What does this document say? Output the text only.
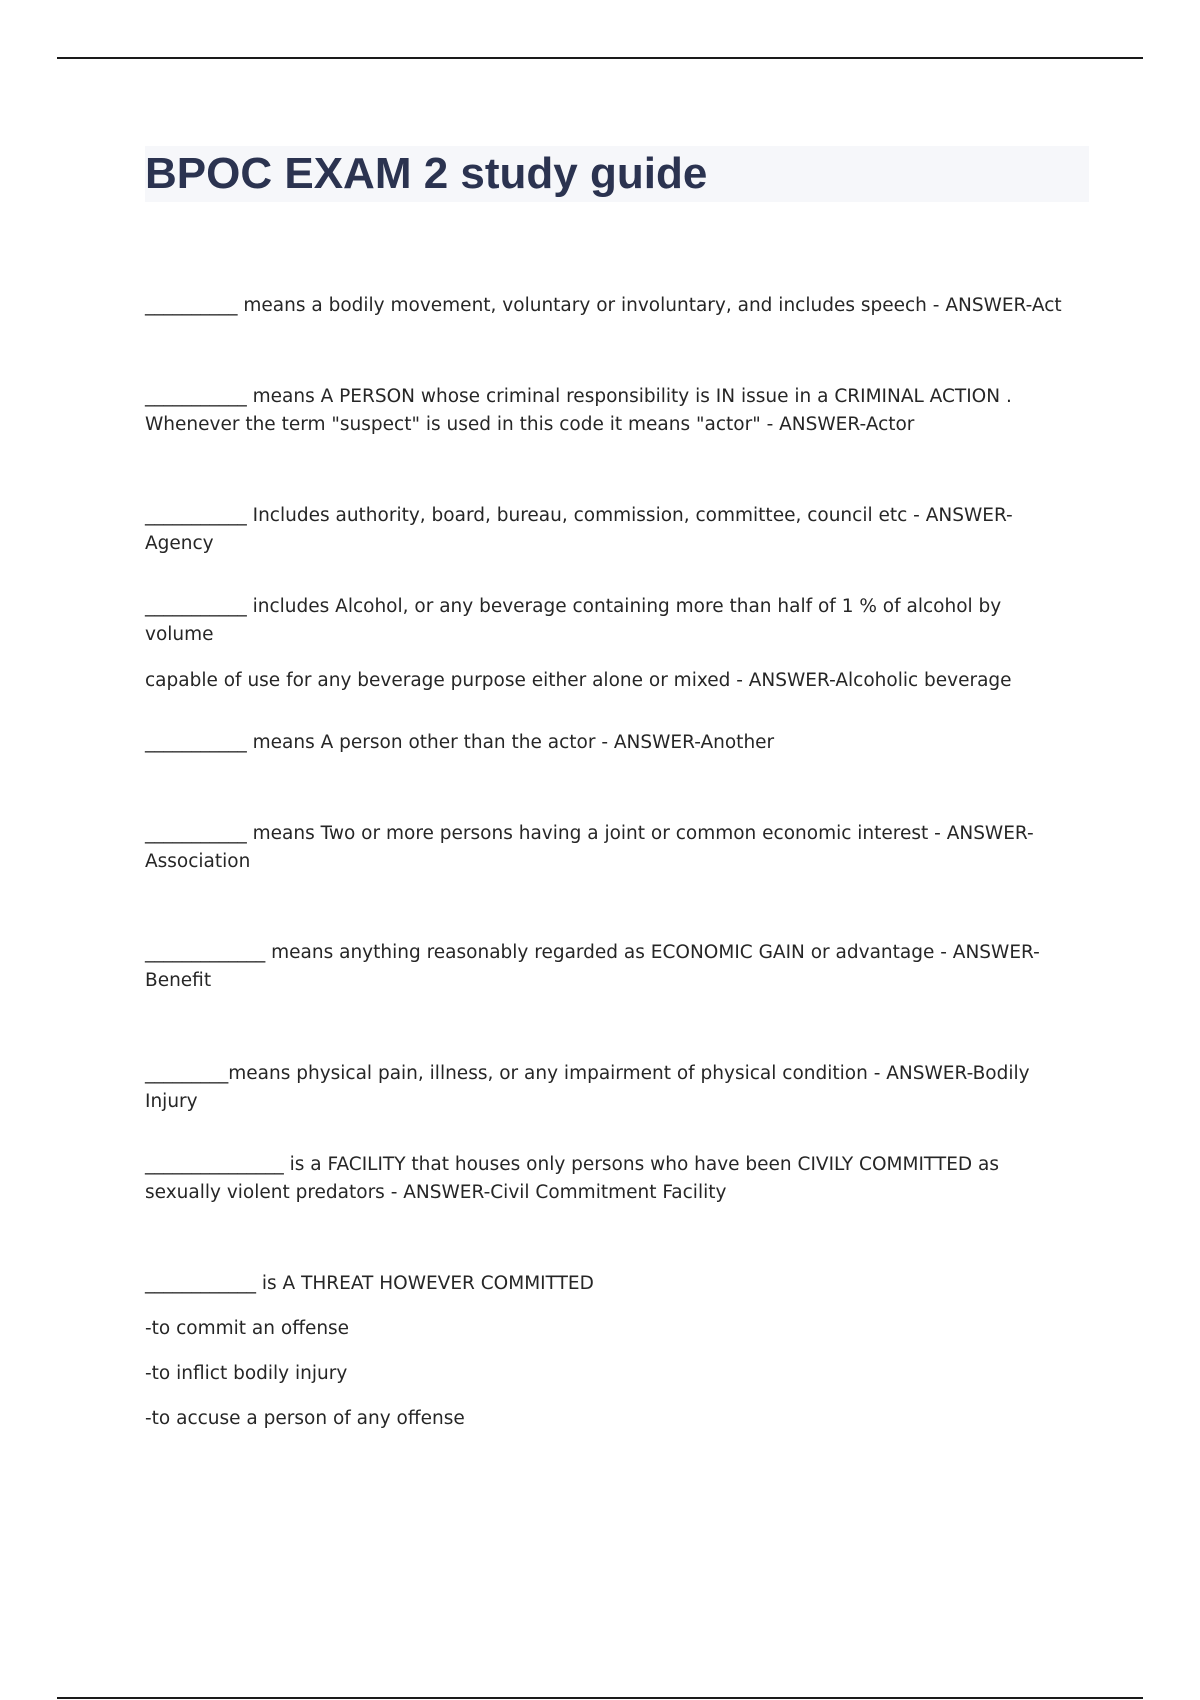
BPOC EXAM 2 study guide

__________ means a bodily movement, voluntary or involuntary, and includes speech - ANSWER-Act

___________ means A PERSON whose criminal responsibility is IN issue in a CRIMINAL ACTION . Whenever the term "suspect" is used in this code it means "actor" - ANSWER-Actor

___________ Includes authority, board, bureau, commission, committee, council etc - ANSWER-Agency

___________ includes Alcohol, or any beverage containing more than half of 1 % of alcohol by volume
capable of use for any beverage purpose either alone or mixed - ANSWER-Alcoholic beverage

___________ means A person other than the actor - ANSWER-Another

___________ means Two or more persons having a joint or common economic interest - ANSWER-Association

_____________ means anything reasonably regarded as ECONOMIC GAIN or advantage - ANSWER-Benefit

_________means physical pain, illness, or any impairment of physical condition - ANSWER-Bodily Injury

_______________ is a FACILITY that houses only persons who have been CIVILY COMMITTED as sexually violent predators - ANSWER-Civil Commitment Facility

____________ is A THREAT HOWEVER COMMITTED

-to commit an offense
-to inflict bodily injury
-to accuse a person of any offense
